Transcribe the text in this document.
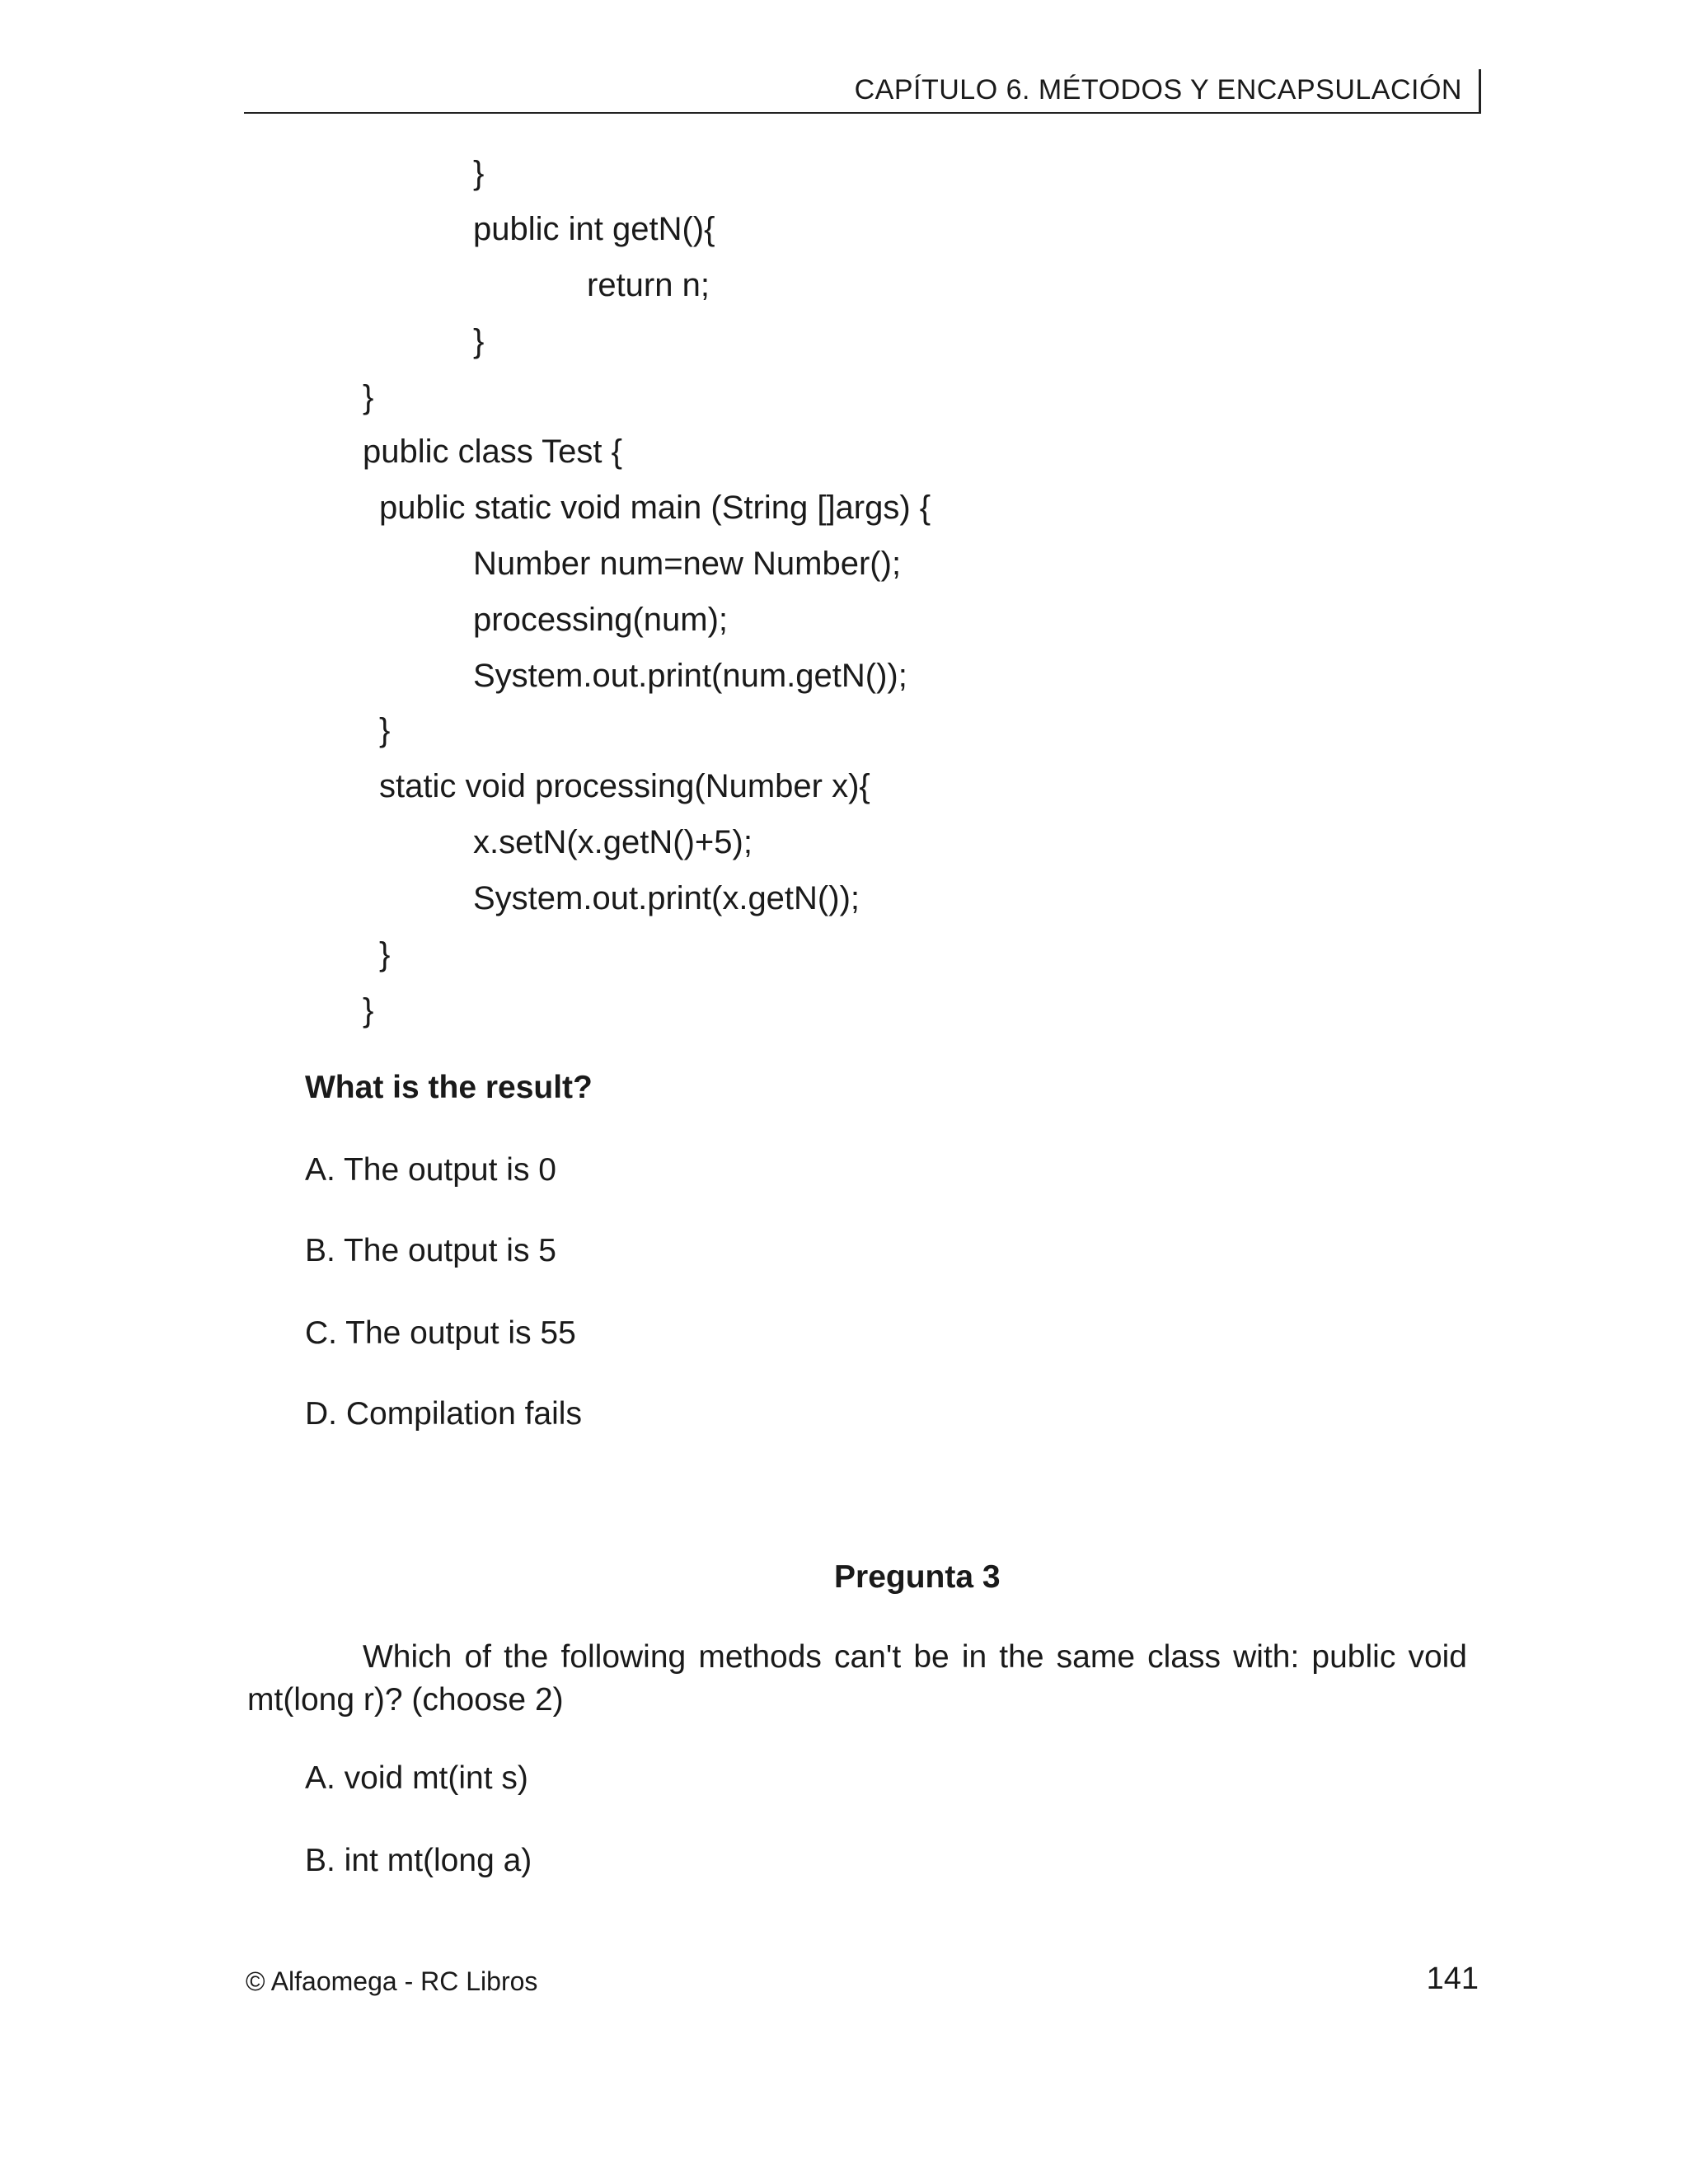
CAPÍTULO 6. MÉTODOS Y ENCAPSULACIÓN
}
public int getN(){
return n;
}
}
public class Test {
public static void main (String []args) {
Number num=new Number();
processing(num);
System.out.print(num.getN());
}
static void processing(Number x){
x.setN(x.getN()+5);
System.out.print(x.getN());
}
}
What is the result?
A. The output is 0
B. The output is 5
C. The output is 55
D. Compilation fails
Pregunta 3
Which of the following methods can't be in the same class with: public void mt(long r)? (choose 2)
A. void mt(int s)
B. int mt(long a)
© Alfaomega - RC Libros	141
